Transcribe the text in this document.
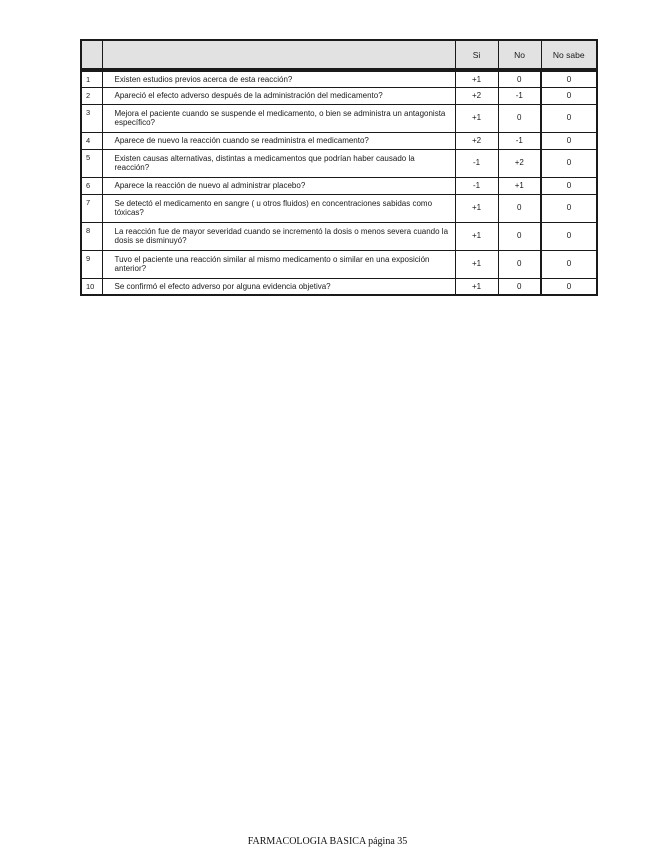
		Si	No	No sabe
1	Existen estudios previos acerca de esta reacción?	+1	0	0
2	Apareció el efecto adverso después de la administración del medicamento?	+2	-1	0
3	Mejora el paciente cuando se suspende el medicamento, o bien se administra un antagonista específico?	+1	0	0
4	Aparece de nuevo la reacción cuando se readministra el medicamento?	+2	-1	0
5	Existen causas alternativas, distintas a medicamentos que podrían haber causado la reacción?	-1	+2	0
6	Aparece la reacción de nuevo al administrar placebo?	-1	+1	0
7	Se detectó el medicamento en sangre ( u otros fluidos) en concentraciones sabidas como tóxicas?	+1	0	0
8	La reacción fue de mayor severidad cuando se incrementó la dosis o menos severa cuando la dosis se disminuyó?	+1	0	0
9	Tuvo el paciente una reacción similar al mismo medicamento o similar en una exposición anterior?	+1	0	0
10	Se confirmó el efecto adverso por alguna evidencia objetiva?	+1	0	0
FARMACOLOGIA BASICA página 35
